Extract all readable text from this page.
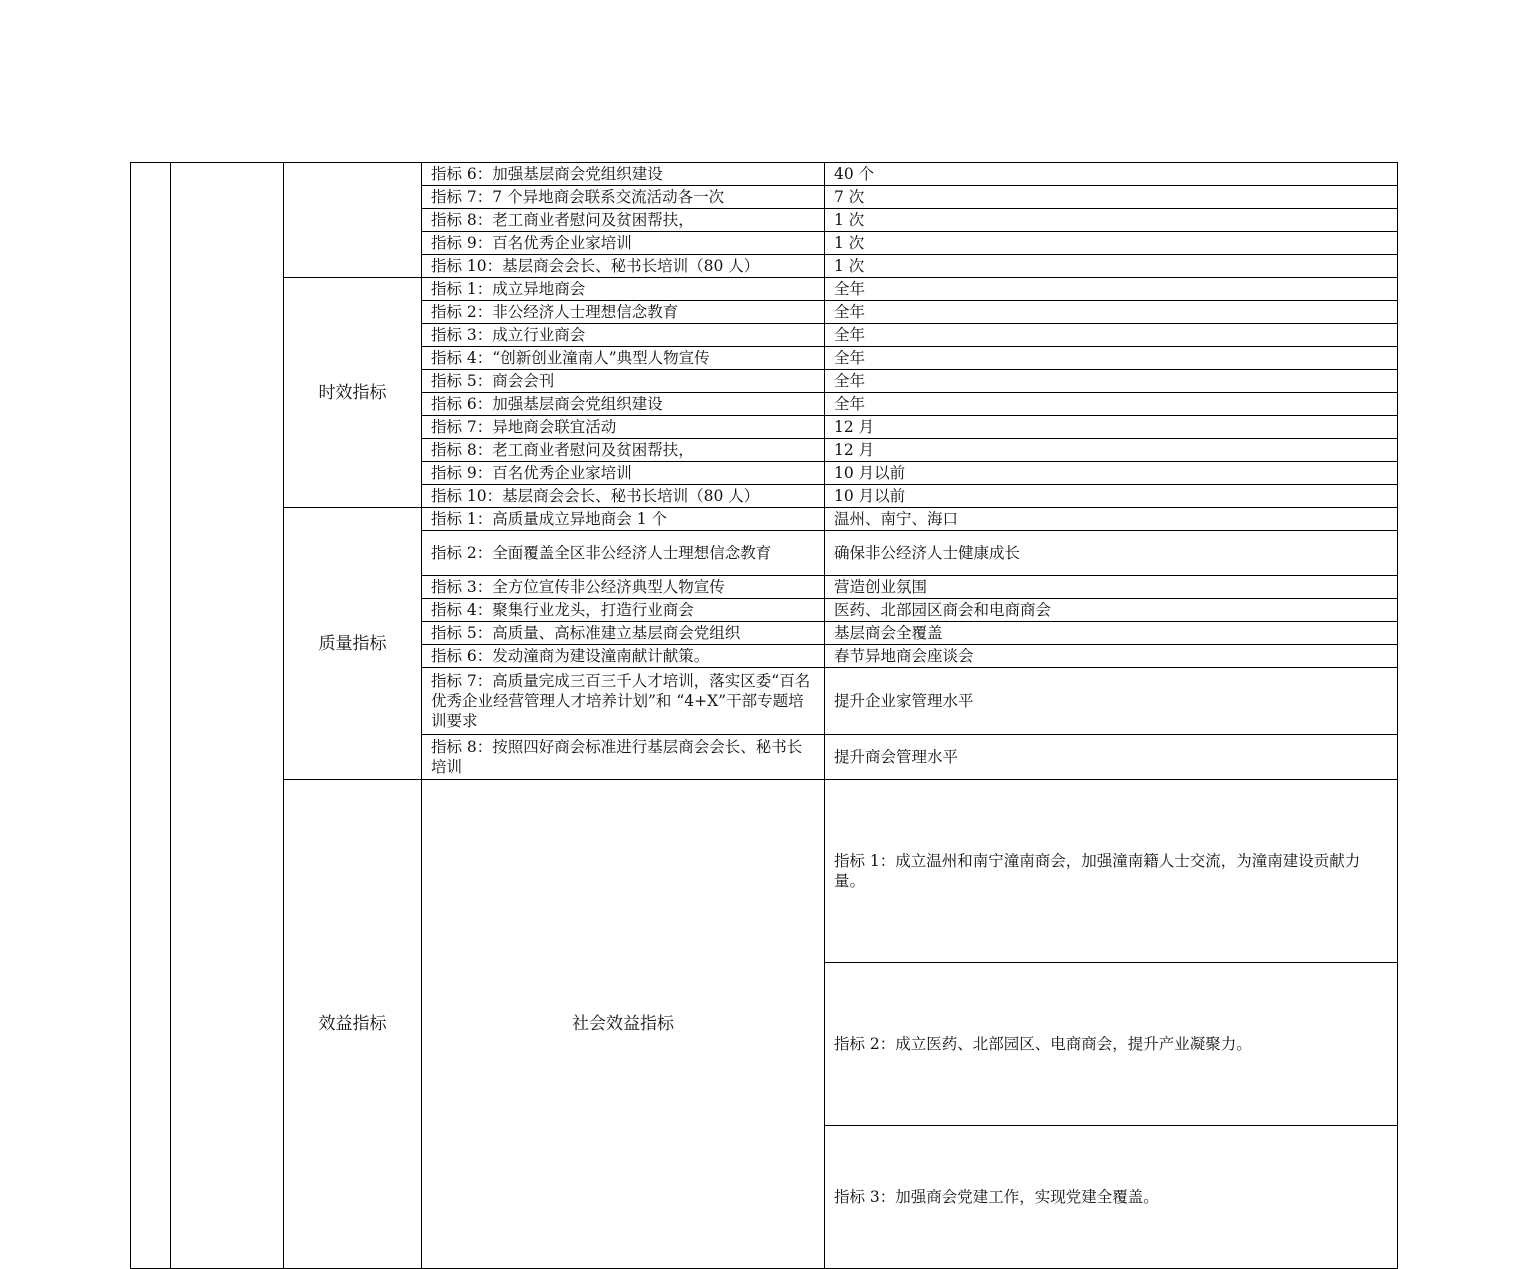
			指标 6：加强基层商会党组织建设	40 个	
			指标 7：7 个异地商会联系交流活动各一次	7 次	
			指标 8：老工商业者慰问及贫困帮扶，	1 次	
			指标 9：百名优秀企业家培训	1 次	
			指标 10：基层商会会长、秘书长培训（80 人）	1 次	
		时效指标	指标 1：成立异地商会	全年	
			指标 2：非公经济人士理想信念教育	全年	
			指标 3：成立行业商会	全年	
			指标 4：“创新创业潼南人”典型人物宣传	全年	
			指标 5：商会会刊	全年	
			指标 6：加强基层商会党组织建设	全年	
			指标 7：异地商会联宜活动	12 月	
			指标 8：老工商业者慰问及贫困帮扶，	12 月	
			指标 9：百名优秀企业家培训	10 月以前	
			指标 10：基层商会会长、秘书长培训（80 人）	10 月以前	
		质量指标	指标 1：高质量成立异地商会 1 个	温州、南宁、海口	
			指标 2：全面覆盖全区非公经济人士理想信念教育	确保非公经济人士健康成长	
			指标 3：全方位宣传非公经济典型人物宣传	营造创业氛围	
			指标 4：聚集行业龙头，打造行业商会	医药、北部园区商会和电商商会	
			指标 5：高质量、高标准建立基层商会党组织	基层商会全覆盖	
			指标 6：发动潼商为建设潼南献计献策。	春节异地商会座谈会	
			指标 7：高质量完成三百三千人才培训，落实区委“百名优秀企业经营管理人才培养计划”和 “4+X”干部专题培训要求	提升企业家管理水平	
			指标 8：按照四好商会标准进行基层商会会长、秘书长培训	提升商会管理水平	
		效益指标	社会效益指标	指标 1：成立温州和南宁潼南商会，加强潼南籍人士交流，为潼南建设贡献力量。	
				指标 2：成立医药、北部园区、电商商会，提升产业凝聚力。	
				指标 3：加强商会党建工作，实现党建全覆盖。	
